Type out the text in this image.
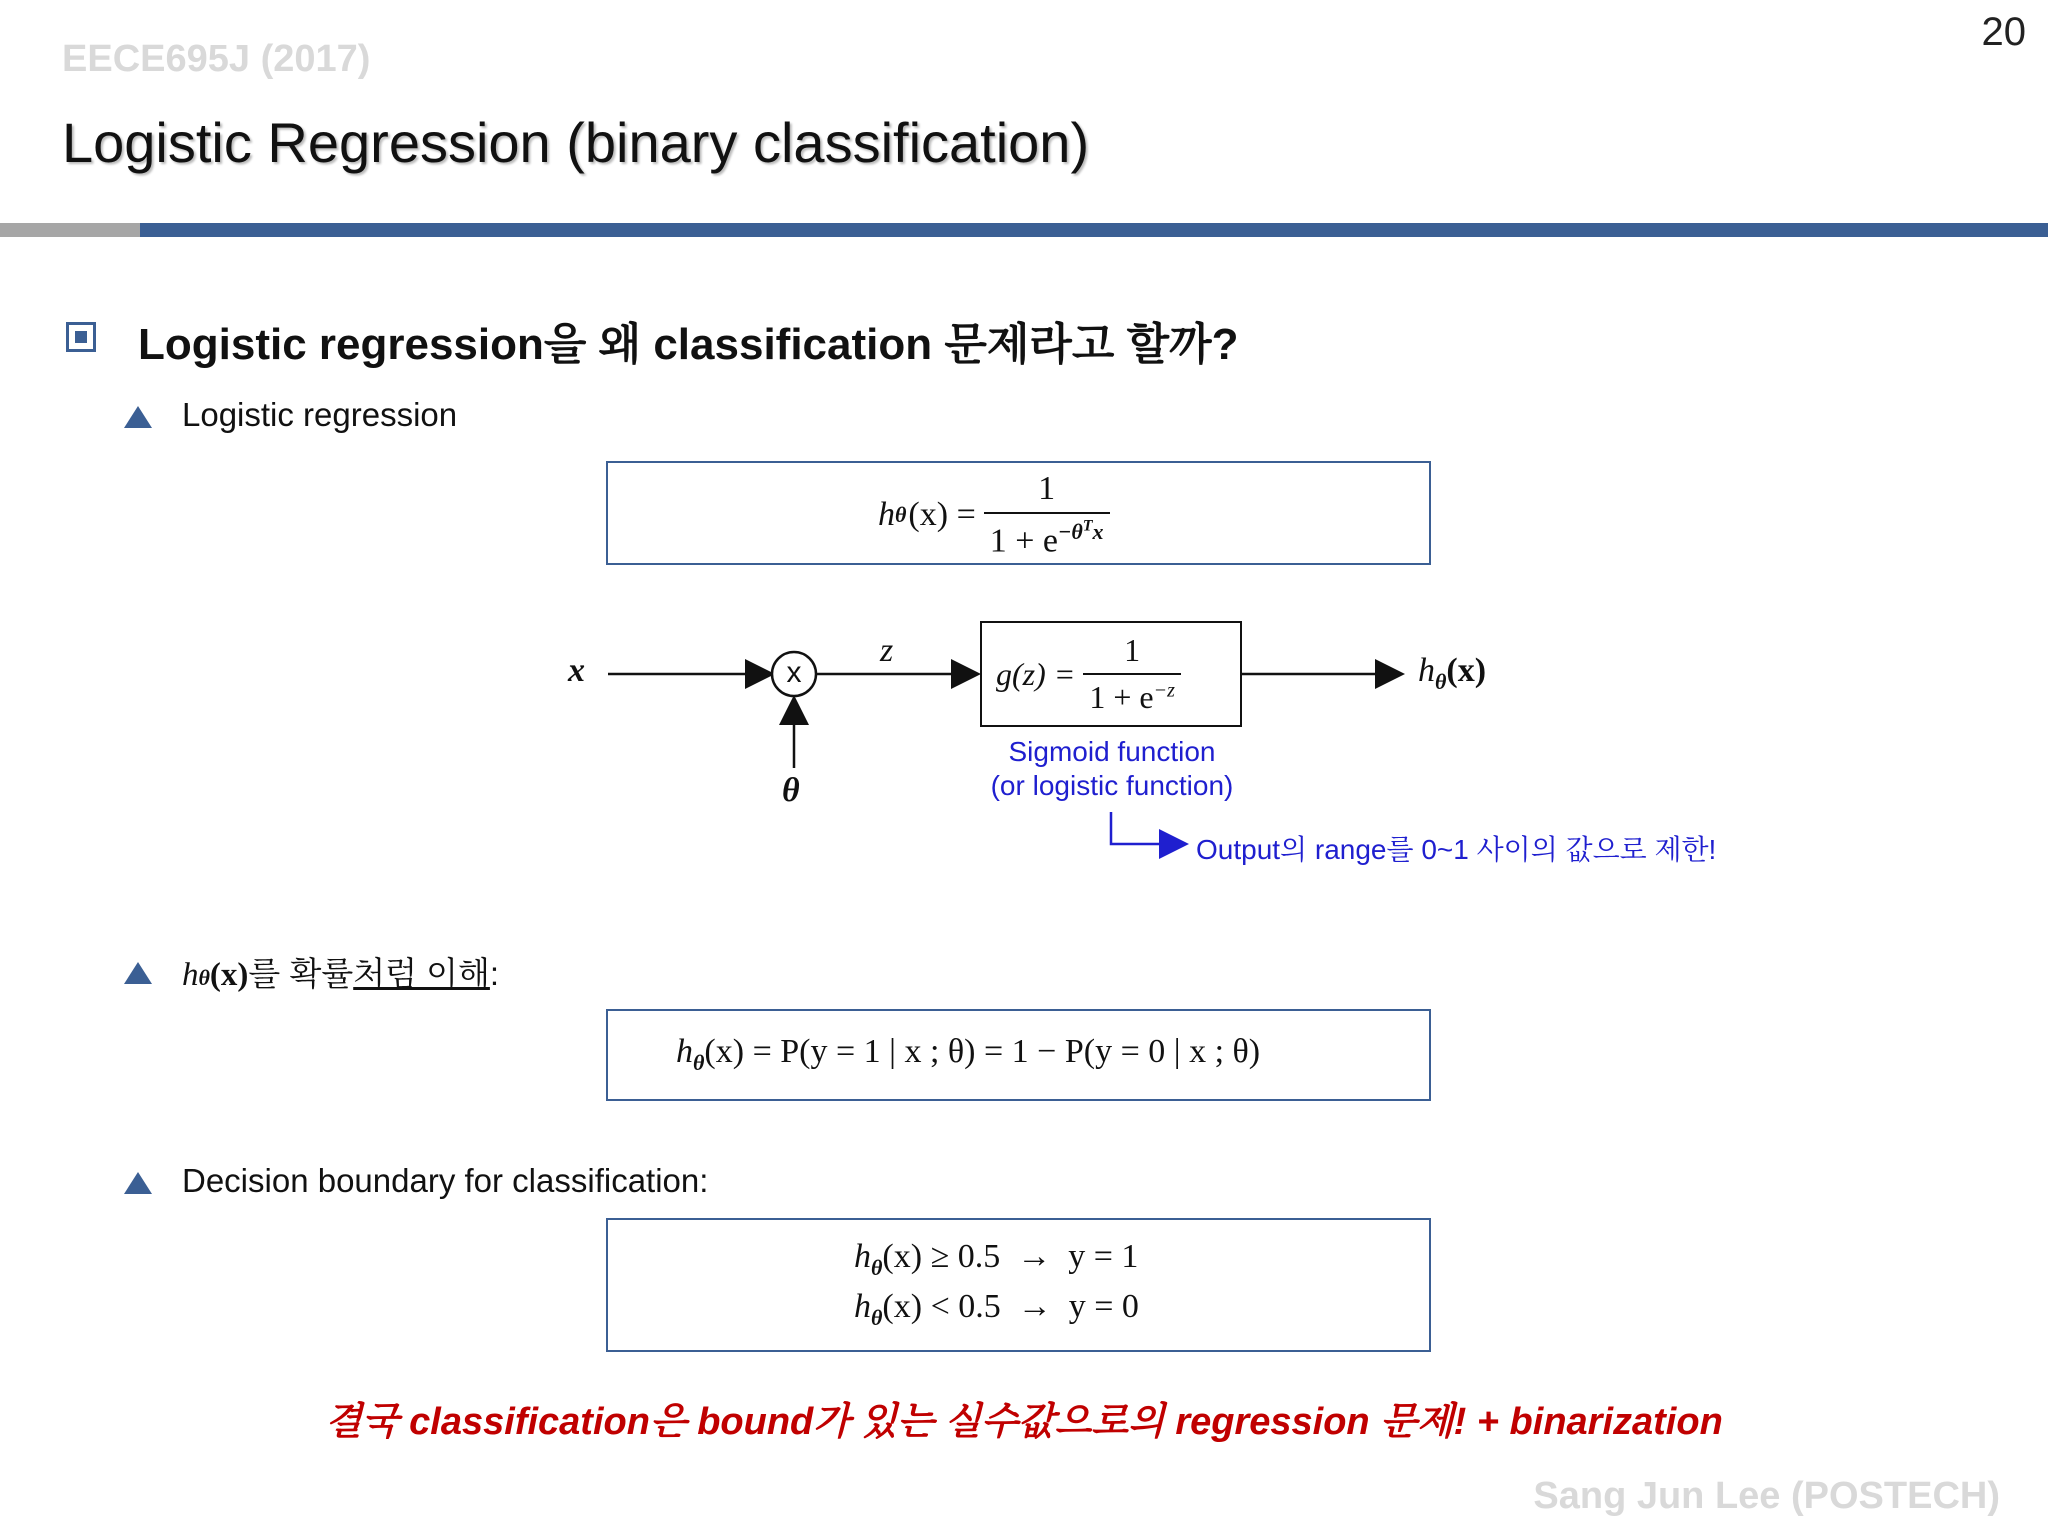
EECE695J (2017)
20
Logistic Regression (binary classification)
Logistic regression을 왜 classification 문제라고 할까?
Logistic regression
h θ $(x) = \frac{1}{1 + e^{-\theta^Tx}}$
x	x
θ
z
$g(z) = \frac{1}{1 + e^{-z}}$	$h_\theta(x)$
Sigmoid function
(or logistic function)
Output의 range를 0~1 사이의 값으로 제한!
h θ (x) 를 확률 처럼 이해 :
$h_\theta(x) = P(y = 1$ | x ; θ) = 1 − P(y = 0 | x ; θ)
Decision boundary for classification:
$h_\theta(x) \ge 0.5 \to y = 1$
$h_\theta(x) < 0.5 \to y = 0$
결국 classification은 bound가 있는 실수값으로의 regression 문제! + binarization
Sang Jun Lee (POSTECH)
